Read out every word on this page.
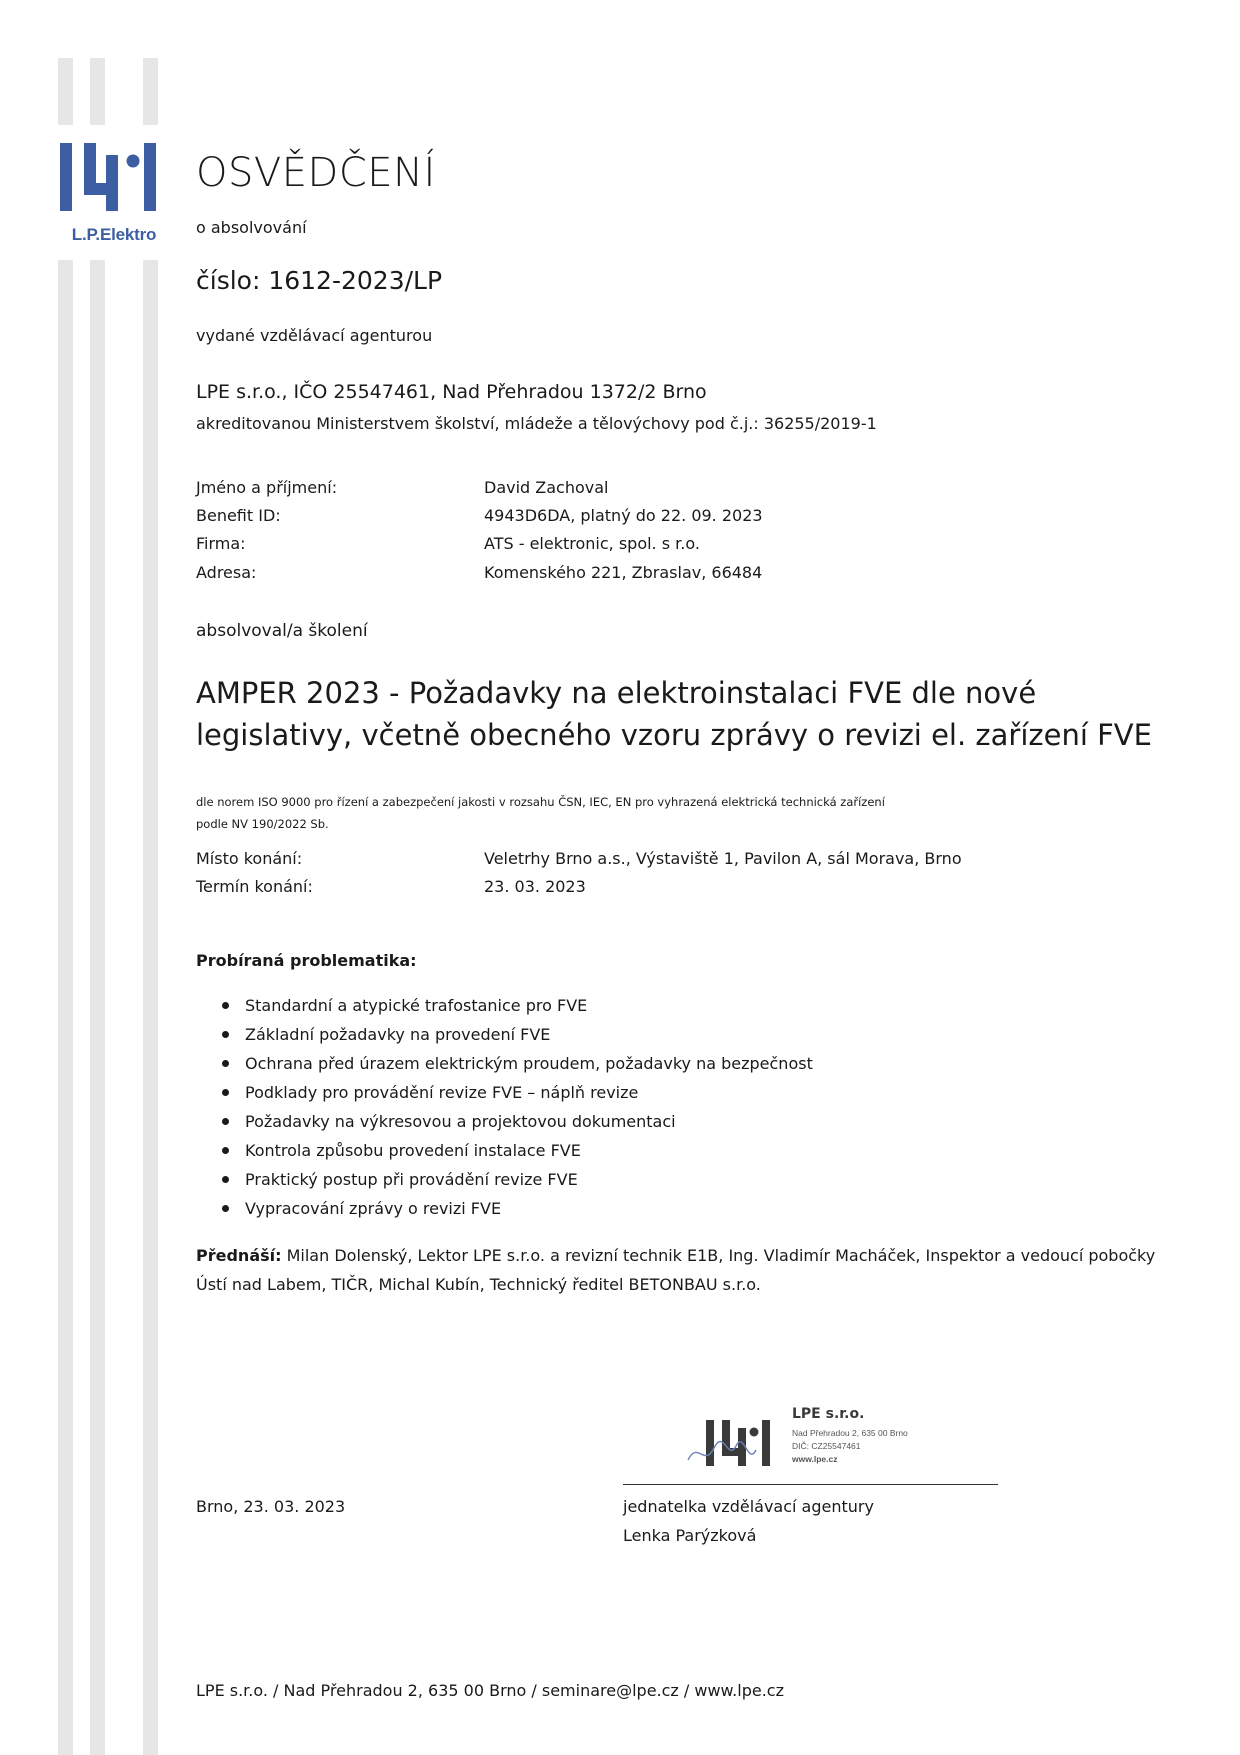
L.P.Elektro
OSVĚDČENÍ
o absolvování
číslo: 1612-2023/LP
vydané vzdělávací agenturou
LPE s.r.o., IČO 25547461, Nad Přehradou 1372/2 Brno
akreditovanou Ministerstvem školství, mládeže a tělovýchovy pod č.j.: 36255/2019-1
Jméno a příjmení:	David Zachoval
Benefit ID:	4943D6DA, platný do 22. 09. 2023
Firma:	ATS - elektronic, spol. s r.o.
Adresa:	Komenského 221, Zbraslav, 66484
absolvoval/a školení
AMPER 2023 - Požadavky na elektroinstalaci FVE dle nové legislativy, včetně obecného vzoru zprávy o revizi el. zařízení FVE
dle norem ISO 9000 pro řízení a zabezpečení jakosti v rozsahu ČSN, IEC, EN pro vyhrazená elektrická technická zařízení podle NV 190/2022 Sb.
Místo konání:	Veletrhy Brno a.s., Výstaviště 1, Pavilon A, sál Morava, Brno
Termín konání:	23. 03. 2023
Probíraná problematika:
Standardní a atypické trafostanice pro FVE
Základní požadavky na provedení FVE
Ochrana před úrazem elektrickým proudem, požadavky na bezpečnost
Podklady pro provádění revize FVE – náplň revize
Požadavky na výkresovou a projektovou dokumentaci
Kontrola způsobu provedení instalace FVE
Praktický postup při provádění revize FVE
Vypracování zprávy o revizi FVE
Přednáší: Milan Dolenský, Lektor LPE s.r.o. a revizní technik E1B, Ing. Vladimír Macháček, Inspektor a vedoucí pobočky Ústí nad Labem, TIČR, Michal Kubín, Technický ředitel BETONBAU s.r.o.
LPE s.r.o.
Nad Přehradou 2, 635 00 Brno
DIČ: CZ25547461
www.lpe.cz
Brno, 23. 03. 2023	jednatelka vzdělávací agentury
Lenka Parýzková
LPE s.r.o. / Nad Přehradou 2, 635 00 Brno / seminare@lpe.cz / www.lpe.cz
